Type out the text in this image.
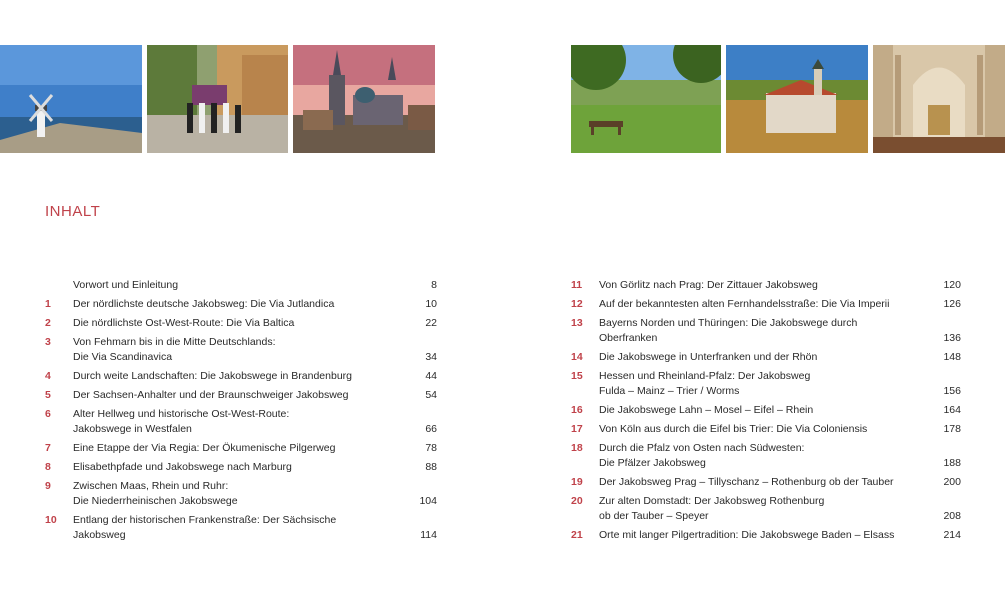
INHALT
Vorwort und Einleitung	8
1	Der nördlichste deutsche Jakobsweg: Die Via Jutlandica	10
2	Die nördlichste Ost-West-Route: Die Via Baltica	22
3	Von Fehmarn bis in die Mitte Deutschlands:
Die Via Scandinavica	34
4	Durch weite Landschaften: Die Jakobswege in Brandenburg	44
5	Der Sachsen-Anhalter und der Braunschweiger Jakobsweg	54
6	Alter Hellweg und historische Ost-West-Route:
Jakobswege in Westfalen	66
7	Eine Etappe der Via Regia: Der Ökumenische Pilgerweg	78
8	Elisabethpfade und Jakobswege nach Marburg	88
9	Zwischen Maas, Rhein und Ruhr:
Die Niederrheinischen Jakobswege	104
10	Entlang der historischen Frankenstraße: Der Sächsische
Jakobsweg	114
11	Von Görlitz nach Prag: Der Zittauer Jakobsweg	120
12	Auf der bekanntesten alten Fernhandelsstraße: Die Via Imperii	126
13	Bayerns Norden und Thüringen: Die Jakobswege durch
Oberfranken	136
14	Die Jakobswege in Unterfranken und der Rhön	148
15	Hessen und Rheinland-Pfalz: Der Jakobsweg
Fulda – Mainz – Trier / Worms	156
16	Die Jakobswege Lahn – Mosel – Eifel – Rhein	164
17	Von Köln aus durch die Eifel bis Trier: Die Via Coloniensis	178
18	Durch die Pfalz von Osten nach Südwesten:
Die Pfälzer Jakobsweg	188
19	Der Jakobsweg Prag – Tillyschanz – Rothenburg ob der Tauber	200
20	Zur alten Domstadt: Der Jakobsweg Rothenburg
ob der Tauber – Speyer	208
21	Orte mit langer Pilgertradition: Die Jakobswege Baden – Elsass	214
